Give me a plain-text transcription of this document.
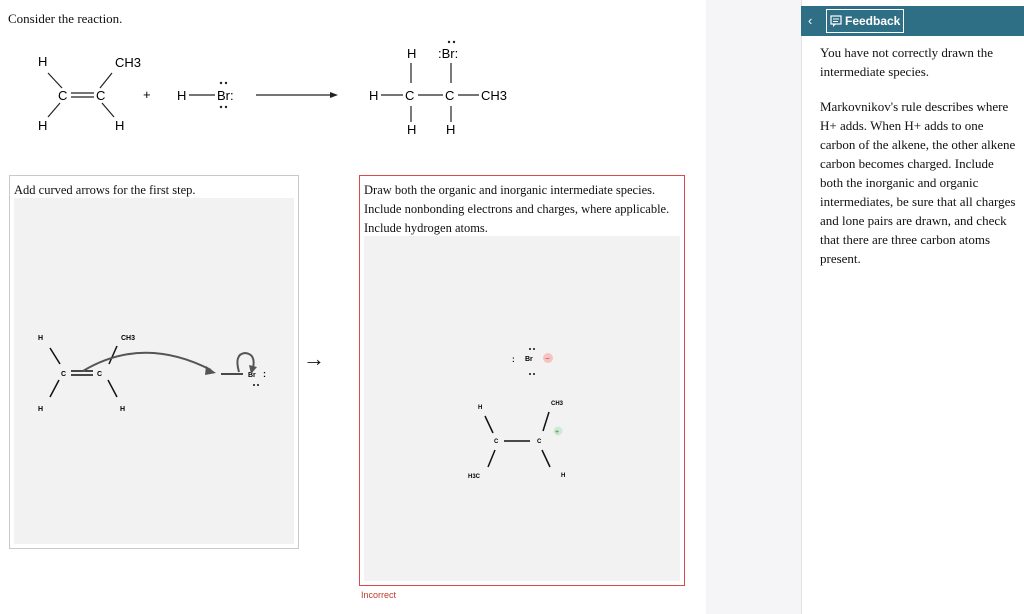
Consider the reaction.
H	CH3
C C
H	H
+ H Br:
H :Br:
H C C CH3
H H
Add curved arrows for the first step.
H	CH3
C	C
H	H
Br :
→
Draw both the organic and inorganic intermediate species. Include nonbonding electrons and charges, where applicable. Include hydrogen atoms.
: Br −
H
CH3
+
C	C
H3C	H
Incorrect
‹	Feedback
You have not correctly drawn the intermediate species.
Markovnikov's rule describes where H+ adds. When H+ adds to one carbon of the alkene, the other alkene carbon becomes charged. Include both the inorganic and organic intermediates, be sure that all charges and lone pairs are drawn, and check that there are three carbon atoms present.
